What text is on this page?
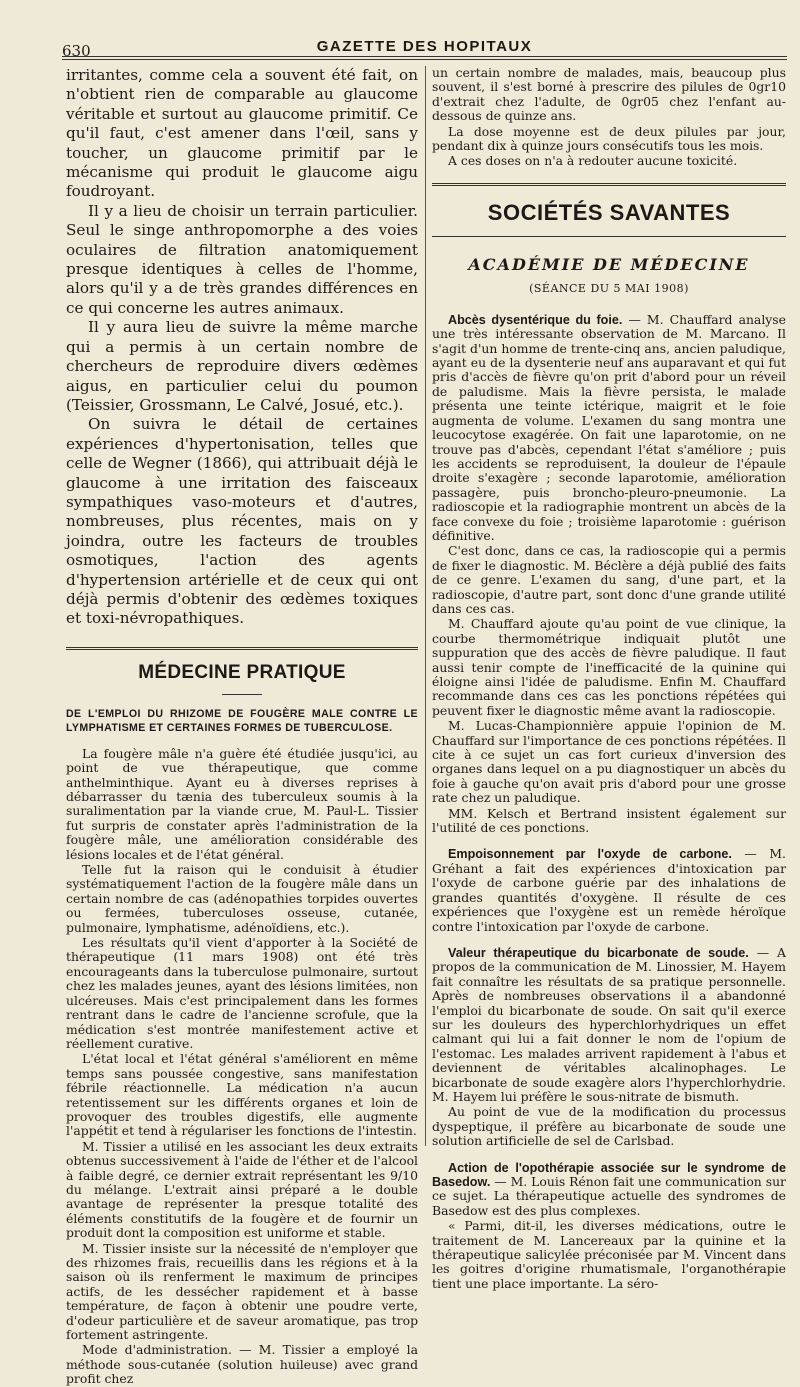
630	GAZETTE DES HOPITAUX

irritantes, comme cela a souvent été fait, on n'obtient rien de comparable au glaucome véritable et surtout au glaucome primitif. Ce qu'il faut, c'est amener dans l'œil, sans y toucher, un glaucome primitif par le mécanisme qui produit le glaucome aigu foudroyant.

Il y a lieu de choisir un terrain particulier. Seul le singe anthropomorphe a des voies oculaires de filtration anatomiquement presque identiques à celles de l'homme, alors qu'il y a de très grandes différences en ce qui concerne les autres animaux.

Il y aura lieu de suivre la même marche qui a permis à un certain nombre de chercheurs de reproduire divers œdèmes aigus, en particulier celui du poumon (Teissier, Grossmann, Le Calvé, Josué, etc.).

On suivra le détail de certaines expériences d'hypertonisation, telles que celle de Wegner (1866), qui attribuait déjà le glaucome à une irritation des faisceaux sympathiques vaso-moteurs et d'autres, nombreuses, plus récentes, mais on y joindra, outre les facteurs de troubles osmotiques, l'action des agents d'hypertension artérielle et de ceux qui ont déjà permis d'obtenir des œdèmes toxiques et toxi-névropathiques.

MÉDECINE PRATIQUE
DE L'EMPLOI DU RHIZOME DE FOUGÈRE MALE CONTRE LE LYMPHATISME ET CERTAINES FORMES DE TUBERCULOSE.

La fougère mâle n'a guère été étudiée jusqu'ici, au point de vue thérapeutique, que comme anthelminthique. Ayant eu à diverses reprises à débarrasser du tænia des tuberculeux soumis à la suralimentation par la viande crue, M. Paul-L. Tissier fut surpris de constater après l'administration de la fougère mâle, une amélioration considérable des lésions locales et de l'état général.

Telle fut la raison qui le conduisit à étudier systématiquement l'action de la fougère mâle dans un certain nombre de cas (adénopathies torpides ouvertes ou fermées, tuberculoses osseuse, cutanée, pulmonaire, lymphatisme, adénoïdiens, etc.).

Les résultats qu'il vient d'apporter à la Société de thérapeutique (11 mars 1908) ont été très encourageants dans la tuberculose pulmonaire, surtout chez les malades jeunes, ayant des lésions limitées, non ulcéreuses. Mais c'est principalement dans les formes rentrant dans le cadre de l'ancienne scrofule, que la médication s'est montrée manifestement active et réellement curative.

L'état local et l'état général s'améliorent en même temps sans poussée congestive, sans manifestation fébrile réactionnelle. La médication n'a aucun retentissement sur les différents organes et loin de provoquer des troubles digestifs, elle augmente l'appétit et tend à régulariser les fonctions de l'intestin.

M. Tissier a utilisé en les associant les deux extraits obtenus successivement à l'aide de l'éther et de l'alcool à faible degré, ce dernier extrait représentant les 9/10 du mélange. L'extrait ainsi préparé a le double avantage de représenter la presque totalité des éléments constitutifs de la fougère et de fournir un produit dont la composition est uniforme et stable.

M. Tissier insiste sur la nécessité de n'employer que des rhizomes frais, recueillis dans les régions et à la saison où ils renferment le maximum de principes actifs, de les dessécher rapidement et à basse température, de façon à obtenir une poudre verte, d'odeur particulière et de saveur aromatique, pas trop fortement astringente.

Mode d'administration. — M. Tissier a employé la méthode sous-cutanée (solution huileuse) avec grand profit chez

un certain nombre de malades, mais, beaucoup plus souvent, il s'est borné à prescrire des pilules de 0gr10 d'extrait chez l'adulte, de 0gr05 chez l'enfant au-dessous de quinze ans.

La dose moyenne est de deux pilules par jour, pendant dix à quinze jours consécutifs tous les mois.

A ces doses on n'a à redouter aucune toxicité.

SOCIÉTÉS SAVANTES
ACADÉMIE DE MÉDECINE
(SÉANCE DU 5 MAI 1908)

Abcès dysentérique du foie. — M. Chauffard analyse une très intéressante observation de M. Marcano. Il s'agit d'un homme de trente-cinq ans, ancien paludique, ayant eu de la dysenterie neuf ans auparavant et qui fut pris d'accès de fièvre qu'on prit d'abord pour un réveil de paludisme. Mais la fièvre persista, le malade présenta une teinte ictérique, maigrit et le foie augmenta de volume. L'examen du sang montra une leucocytose exagérée. On fait une laparotomie, on ne trouve pas d'abcès, cependant l'état s'améliore ; puis les accidents se reproduisent, la douleur de l'épaule droite s'exagère ; seconde laparotomie, amélioration passagère, puis broncho-pleuro-pneumonie. La radioscopie et la radiographie montrent un abcès de la face convexe du foie ; troisième laparotomie : guérison définitive.

C'est donc, dans ce cas, la radioscopie qui a permis de fixer le diagnostic. M. Béclère a déjà publié des faits de ce genre. L'examen du sang, d'une part, et la radioscopie, d'autre part, sont donc d'une grande utilité dans ces cas.

M. Chauffard ajoute qu'au point de vue clinique, la courbe thermométrique indiquait plutôt une suppuration que des accès de fièvre paludique. Il faut aussi tenir compte de l'inefficacité de la quinine qui éloigne ainsi l'idée de paludisme. Enfin M. Chauffard recommande dans ces cas les ponctions répétées qui peuvent fixer le diagnostic même avant la radioscopie.

M. Lucas-Championnière appuie l'opinion de M. Chauffard sur l'importance de ces ponctions répétées. Il cite à ce sujet un cas fort curieux d'inversion des organes dans lequel on a pu diagnostiquer un abcès du foie à gauche qu'on avait pris d'abord pour une grosse rate chez un paludique.

MM. Kelsch et Bertrand insistent également sur l'utilité de ces ponctions.

Empoisonnement par l'oxyde de carbone. — M. Gréhant a fait des expériences d'intoxication par l'oxyde de carbone guérie par des inhalations de grandes quantités d'oxygène. Il résulte de ces expériences que l'oxygène est un remède héroïque contre l'intoxication par l'oxyde de carbone.

Valeur thérapeutique du bicarbonate de soude. — A propos de la communication de M. Linossier, M. Hayem fait connaître les résultats de sa pratique personnelle. Après de nombreuses observations il a abandonné l'emploi du bicarbonate de soude. On sait qu'il exerce sur les douleurs des hyperchlorhydriques un effet calmant qui lui a fait donner le nom de l'opium de l'estomac. Les malades arrivent rapidement à l'abus et deviennent de véritables alcalinophages. Le bicarbonate de soude exagère alors l'hyperchlorhydrie. M. Hayem lui préfère le sous-nitrate de bismuth.

Au point de vue de la modification du processus dyspeptique, il préfère au bicarbonate de soude une solution artificielle de sel de Carlsbad.

Action de l'opothérapie associée sur le syndrome de Basedow. — M. Louis Rénon fait une communication sur ce sujet. La thérapeutique actuelle des syndromes de Basedow est des plus complexes.

« Parmi, dit-il, les diverses médications, outre le traitement de M. Lancereaux par la quinine et la thérapeutique salicylée préconisée par M. Vincent dans les goitres d'origine rhumatismale, l'organothérapie tient une place importante. La séro-
